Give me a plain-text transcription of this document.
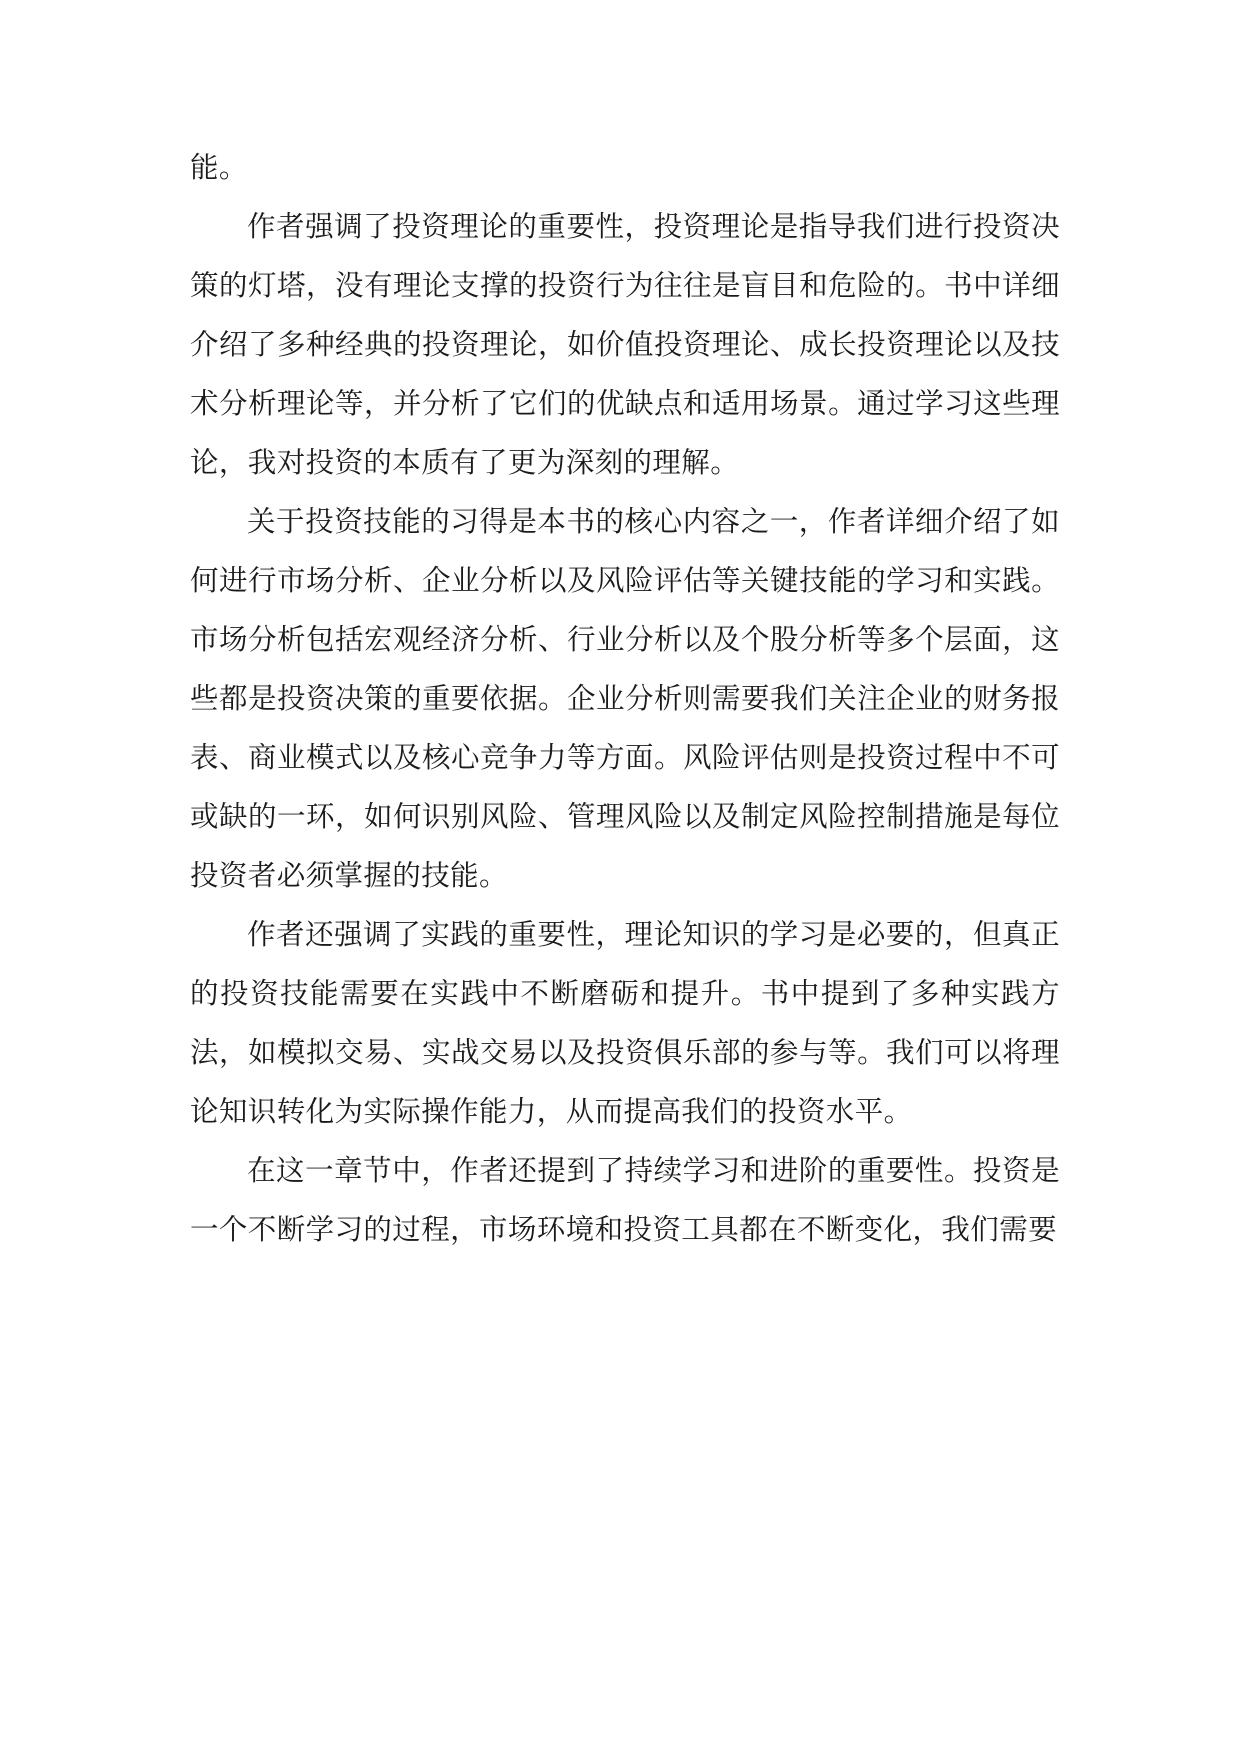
能。

作者强调了投资理论的重要性，投资理论是指导我们进行投资决策的灯塔，没有理论支撑的投资行为往往是盲目和危险的。书中详细介绍了多种经典的投资理论，如价值投资理论、成长投资理论以及技术分析理论等，并分析了它们的优缺点和适用场景。通过学习这些理论，我对投资的本质有了更为深刻的理解。

关于投资技能的习得是本书的核心内容之一，作者详细介绍了如何进行市场分析、企业分析以及风险评估等关键技能的学习和实践。市场分析包括宏观经济分析、行业分析以及个股分析等多个层面，这些都是投资决策的重要依据。企业分析则需要我们关注企业的财务报表、商业模式以及核心竞争力等方面。风险评估则是投资过程中不可或缺的一环，如何识别风险、管理风险以及制定风险控制措施是每位投资者必须掌握的技能。

作者还强调了实践的重要性，理论知识的学习是必要的，但真正的投资技能需要在实践中不断磨砺和提升。书中提到了多种实践方法，如模拟交易、实战交易以及投资俱乐部的参与等。我们可以将理论知识转化为实际操作能力，从而提高我们的投资水平。

在这一章节中，作者还提到了持续学习和进阶的重要性。投资是一个不断学习的过程，市场环境和投资工具都在不断变化，我们需要
